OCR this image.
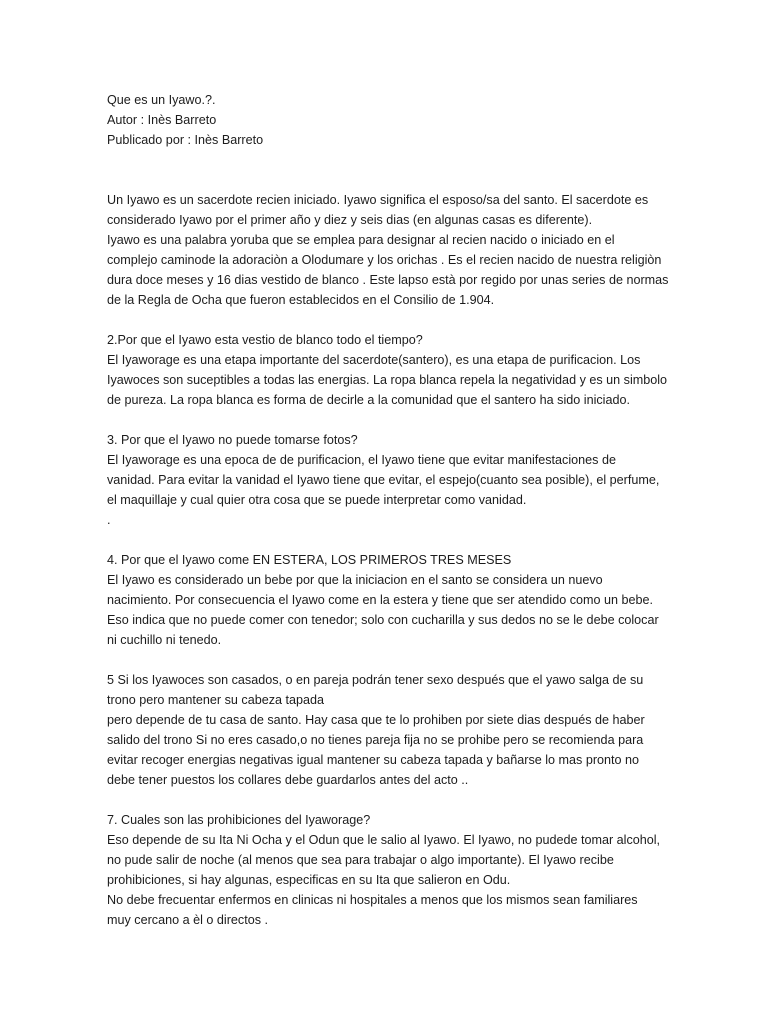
Que es un Iyawo.?.
Autor : Inès Barreto
Publicado por : Inès Barreto
Un Iyawo es un sacerdote recien iniciado. Iyawo significa el esposo/sa del santo. El sacerdote es
considerado Iyawo por el primer año y diez y seis dias (en algunas casas es diferente).
Iyawo es una palabra yoruba que se emplea para designar al recien nacido o iniciado en el
complejo caminode la adoraciòn a Olodumare y los orichas . Es el recien nacido de nuestra religiòn
dura doce meses y 16 dias vestido de blanco . Este lapso està por regido por unas series de normas
de la Regla de Ocha que fueron establecidos en el Consilio de 1.904.
2.Por que el Iyawo esta vestio de blanco todo el tiempo?
El Iyaworage es una etapa importante del sacerdote(santero), es una etapa de purificacion. Los
Iyawoces son suceptibles a todas las energias. La ropa blanca repela la negatividad y es un simbolo
de pureza. La ropa blanca es forma de decirle a la comunidad que el santero ha sido iniciado.
3. Por que el Iyawo no puede tomarse fotos?
El Iyaworage es una epoca de de purificacion, el Iyawo tiene que evitar manifestaciones de
vanidad. Para evitar la vanidad el Iyawo tiene que evitar, el espejo(cuanto sea posible), el perfume,
el maquillaje y cual quier otra cosa que se puede interpretar como vanidad.
.
4. Por que el Iyawo come EN ESTERA, LOS PRIMEROS TRES MESES
El Iyawo es considerado un bebe por que la iniciacion en el santo se considera un nuevo
nacimiento. Por consecuencia el Iyawo come en la estera y tiene que ser atendido como un bebe.
Eso indica que no puede comer con tenedor; solo con cucharilla y sus dedos no se le debe colocar
ni cuchillo ni tenedo.
5 Si los Iyawoces son casados, o en pareja podrán tener sexo después que el yawo salga de su
trono pero mantener su cabeza tapada
pero depende de tu casa de santo. Hay casa que te lo prohiben por siete dias después de haber
salido del trono Si no eres casado,o no tienes pareja fija no se prohibe pero se recomienda para
evitar recoger energias negativas igual mantener su cabeza tapada y bañarse lo mas pronto no
debe tener puestos los collares debe guardarlos antes del acto ..
7. Cuales son las prohibiciones del Iyaworage?
Eso depende de su Ita Ni Ocha y el Odun que le salio al Iyawo. El Iyawo, no pudede tomar alcohol,
no pude salir de noche (al menos que sea para trabajar o algo importante). El Iyawo recibe
prohibiciones, si hay algunas, especificas en su Ita que salieron en Odu.
No debe frecuentar enfermos en clinicas ni hospitales a menos que los mismos sean familiares
muy cercano a èl o directos .
